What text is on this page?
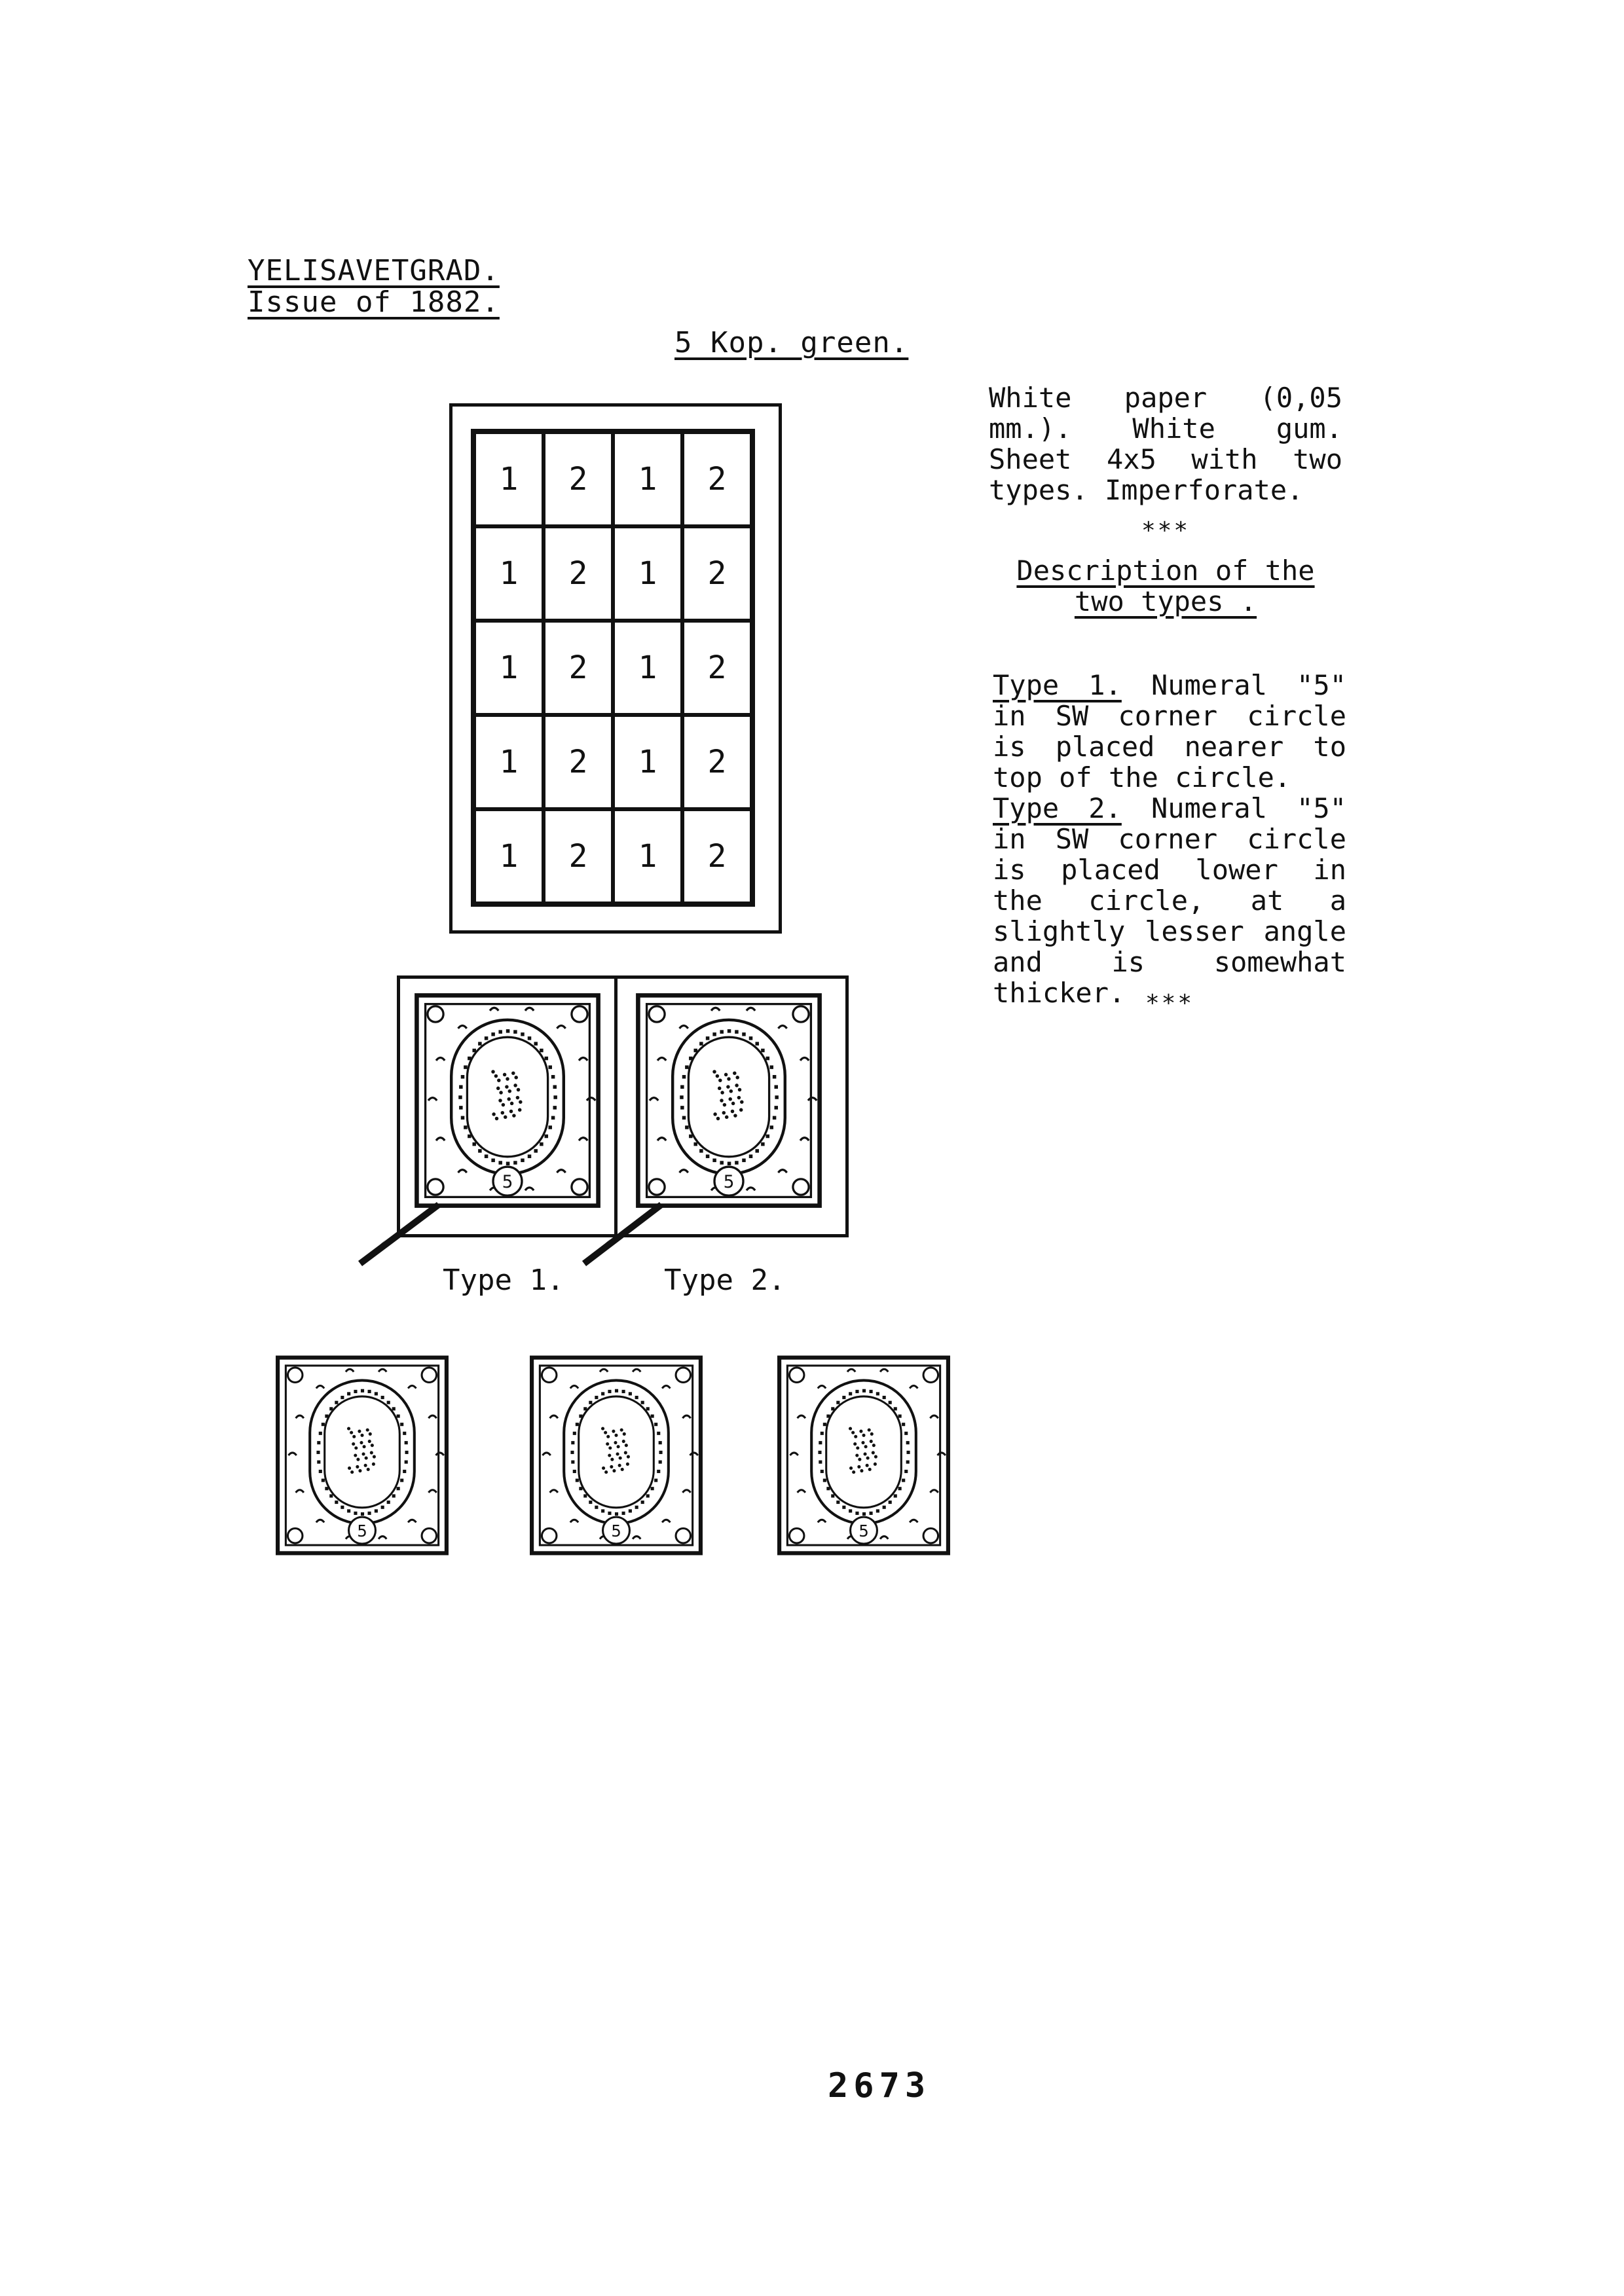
YELISAVETGRAD.
Issue of 1882.
5 Kop. green.
1	2	1	2
1	2	1	2
1	2	1	2
1	2	1	2
1	2	1	2
White paper (0,05 mm.). White gum. Sheet 4x5 with two types. Imperforate.
***
Description of the two types .

Type 1. Numeral "5" in SW corner circle is placed nearer to top of the circle.

Type 2. Numeral "5" in SW corner circle is placed lower in the circle, at a slightly lesser angle and is somewhat thicker. ***
5	5
Type 1.	Type 2.
5	5	5
2673
